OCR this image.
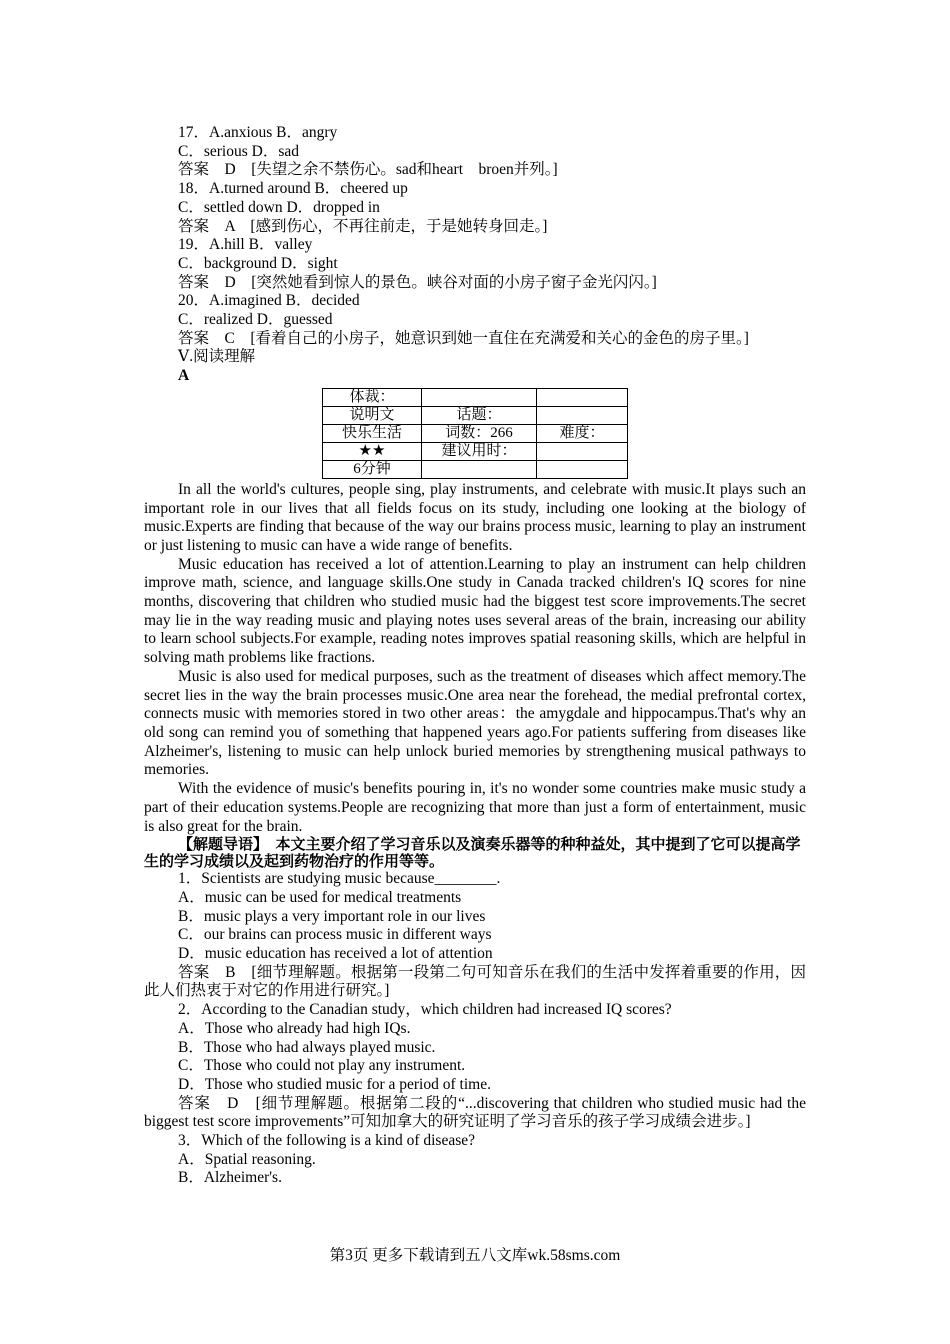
17．A.anxious B．angry
C．serious D．sad
答案　D　[失望之余不禁伤心。sad和heart　broen并列。]
18．A.turned around B．cheered up
C．settled down D．dropped in
答案　A　[感到伤心，不再往前走，于是她转身回走。]
19．A.hill B．valley
C．background D．sight
答案　D　[突然她看到惊人的景色。峡谷对面的小房子窗子金光闪闪。]
20．A.imagined B．decided
C．realized D．guessed
答案　C　[看着自己的小房子，她意识到她一直住在充满爱和关心的金色的房子里。]
Ⅴ.阅读理解
A
体裁：		
说明文	话题：	
快乐生活	词数：266	难度：
★★	建议用时：	
6分钟		
In all the world's cultures, people sing, play instruments, and celebrate with music.It plays such an important role in our lives that all fields focus on its study, including one looking at the biology of music.Experts are finding that because of the way our brains process music, learning to play an instrument or just listening to music can have a wide range of benefits.
Music education has received a lot of attention.Learning to play an instrument can help children improve math, science, and language skills.One study in Canada tracked children's IQ scores for nine months, discovering that children who studied music had the biggest test score improvements.The secret may lie in the way reading music and playing notes uses several areas of the brain, increasing our ability to learn school subjects.For example, reading notes improves spatial reasoning skills, which are helpful in solving math problems like fractions.
Music is also used for medical purposes, such as the treatment of diseases which affect memory.The secret lies in the way the brain processes music.One area near the forehead, the medial prefrontal cortex, connects music with memories stored in two other areas：the amygdale and hippocampus.That's why an old song can remind you of something that happened years ago.For patients suffering from diseases like Alzheimer's, listening to music can help unlock buried memories by strengthening musical pathways to memories.
With the evidence of music's benefits pouring in, it's no wonder some countries make music study a part of their education systems.People are recognizing that more than just a form of entertainment, music is also great for the brain.
【解题导语】　本文主要介绍了学习音乐以及演奏乐器等的种种益处，其中提到了它可以提高学生的学习成绩以及起到药物治疗的作用等等。
1．Scientists are studying music because________.
A．music can be used for medical treatments
B．music plays a very important role in our lives
C．our brains can process music in different ways
D．music education has received a lot of attention
答案　B　[细节理解题。根据第一段第二句可知音乐在我们的生活中发挥着重要的作用，因此人们热衷于对它的作用进行研究。]
2．According to the Canadian study，which children had increased IQ scores?
A．Those who already had high IQs.
B．Those who had always played music.
C．Those who could not play any instrument.
D．Those who studied music for a period of time.
答案　D　[细节理解题。根据第二段的“...discovering that children who studied music had the biggest test score improvements”可知加拿大的研究证明了学习音乐的孩子学习成绩会进步。]
3．Which of the following is a kind of disease?
A．Spatial reasoning.
B．Alzheimer's.
第3页 更多下载请到五八文库wk.58sms.com
